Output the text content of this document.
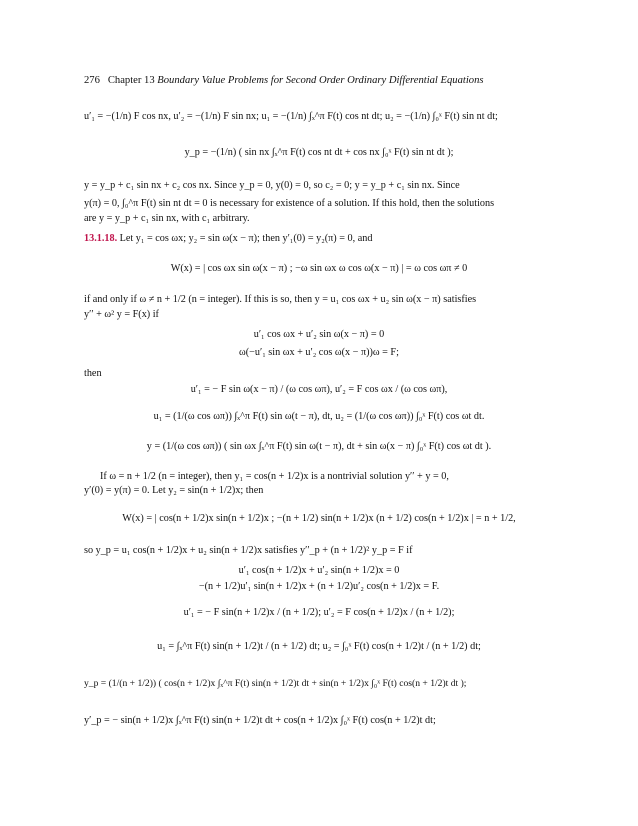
276 Chapter 13 Boundary Value Problems for Second Order Ordinary Differential Equations
u′₁ = −(1/n) F cos nx, u′₂ = −(1/n) F sin nx; u₁ = −(1/n) ∫ₓ^π F(t) cos nt dt; u₂ = −(1/n) ∫₀ˣ F(t) sin nt dt;
y_p = −(1/n) ( sin nx ∫ₓ^π F(t) cos nt dt + cos nx ∫₀ˣ F(t) sin nt dt );
y = y_p + c₁ sin nx + c₂ cos nx. Since y_p = 0, y(0) = 0, so c₂ = 0; y = y_p + c₁ sin nx. Since
y(π) = 0, ∫₀^π F(t) sin nt dt = 0 is necessary for existence of a solution. If this hold, then the solutions
are y = y_p + c₁ sin nx, with c₁ arbitrary.
13.1.18. Let y₁ = cos ωx; y₂ = sin ω(x − π); then y′₁(0) = y₂(π) = 0, and
W(x) = | cos ωx sin ω(x − π) ; −ω sin ωx ω cos ω(x − π) | = ω cos ωπ ≠ 0
if and only if ω ≠ n + 1/2 (n = integer). If this is so, then y = u₁ cos ωx + u₂ sin ω(x − π) satisfies
y′′ + ω² y = F(x) if
u′₁ cos ωx + u′₂ sin ω(x − π) = 0
ω(−u′₁ sin ωx + u′₂ cos ω(x − π))ω = F;
then
u′₁ = − F sin ω(x − π) / (ω cos ωπ), u′₂ = F cos ωx / (ω cos ωπ),
u₁ = (1/(ω cos ωπ)) ∫ₓ^π F(t) sin ω(t − π), dt, u₂ = (1/(ω cos ωπ)) ∫₀ˣ F(t) cos ωt dt.
y = (1/(ω cos ωπ)) ( sin ωx ∫ₓ^π F(t) sin ω(t − π), dt + sin ω(x − π) ∫₀ˣ F(t) cos ωt dt ).
If ω = n + 1/2 (n = integer), then y₁ = cos(n + 1/2)x is a nontrivial solution y′′ + y = 0,
y′(0) = y(π) = 0. Let y₂ = sin(n + 1/2)x; then
W(x) = | cos(n + 1/2)x sin(n + 1/2)x ; −(n + 1/2) sin(n + 1/2)x (n + 1/2) cos(n + 1/2)x | = n + 1/2,
so y_p = u₁ cos(n + 1/2)x + u₂ sin(n + 1/2)x satisfies y′′_p + (n + 1/2)² y_p = F if
u′₁ cos(n + 1/2)x + u′₂ sin(n + 1/2)x = 0
−(n + 1/2)u′₁ sin(n + 1/2)x + (n + 1/2)u′₂ cos(n + 1/2)x = F.
u′₁ = − F sin(n + 1/2)x / (n + 1/2); u′₂ = F cos(n + 1/2)x / (n + 1/2);
u₁ = ∫ₓ^π F(t) sin(n + 1/2)t / (n + 1/2) dt; u₂ = ∫₀ˣ F(t) cos(n + 1/2)t / (n + 1/2) dt;
y_p = (1/(n + 1/2)) ( cos(n + 1/2)x ∫ₓ^π F(t) sin(n + 1/2)t dt + sin(n + 1/2)x ∫₀ˣ F(t) cos(n + 1/2)t dt );
y′_p = − sin(n + 1/2)x ∫ₓ^π F(t) sin(n + 1/2)t dt + cos(n + 1/2)x ∫₀ˣ F(t) cos(n + 1/2)t dt;
